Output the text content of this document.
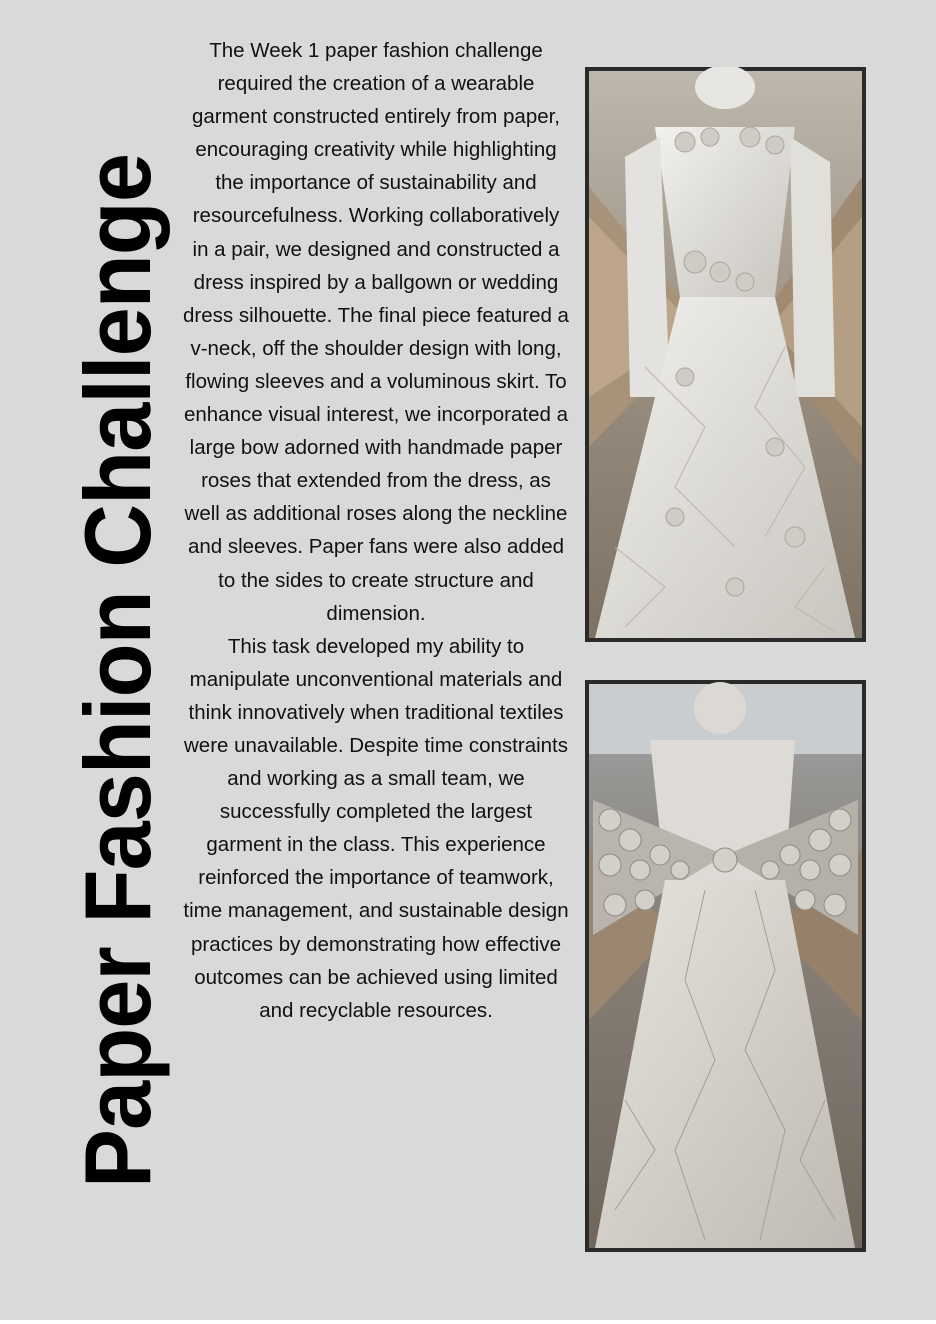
Paper Fashion Challenge

The Week 1 paper fashion challenge required the creation of a wearable garment constructed entirely from paper, encouraging creativity while highlighting the importance of sustainability and resourcefulness. Working collaboratively in a pair, we designed and constructed a dress inspired by a ballgown or wedding dress silhouette. The final piece featured a v-neck, off the shoulder design with long, flowing sleeves and a voluminous skirt. To enhance visual interest, we incorporated a large bow adorned with handmade paper roses that extended from the dress, as well as additional roses along the neckline and sleeves. Paper fans were also added to the sides to create structure and dimension.

This task developed my ability to manipulate unconventional materials and think innovatively when traditional textiles were unavailable. Despite time constraints and working as a small team, we successfully completed the largest garment in the class. This experience reinforced the importance of teamwork, time management, and sustainable design practices by demonstrating how effective outcomes can be achieved using limited and recyclable resources.
